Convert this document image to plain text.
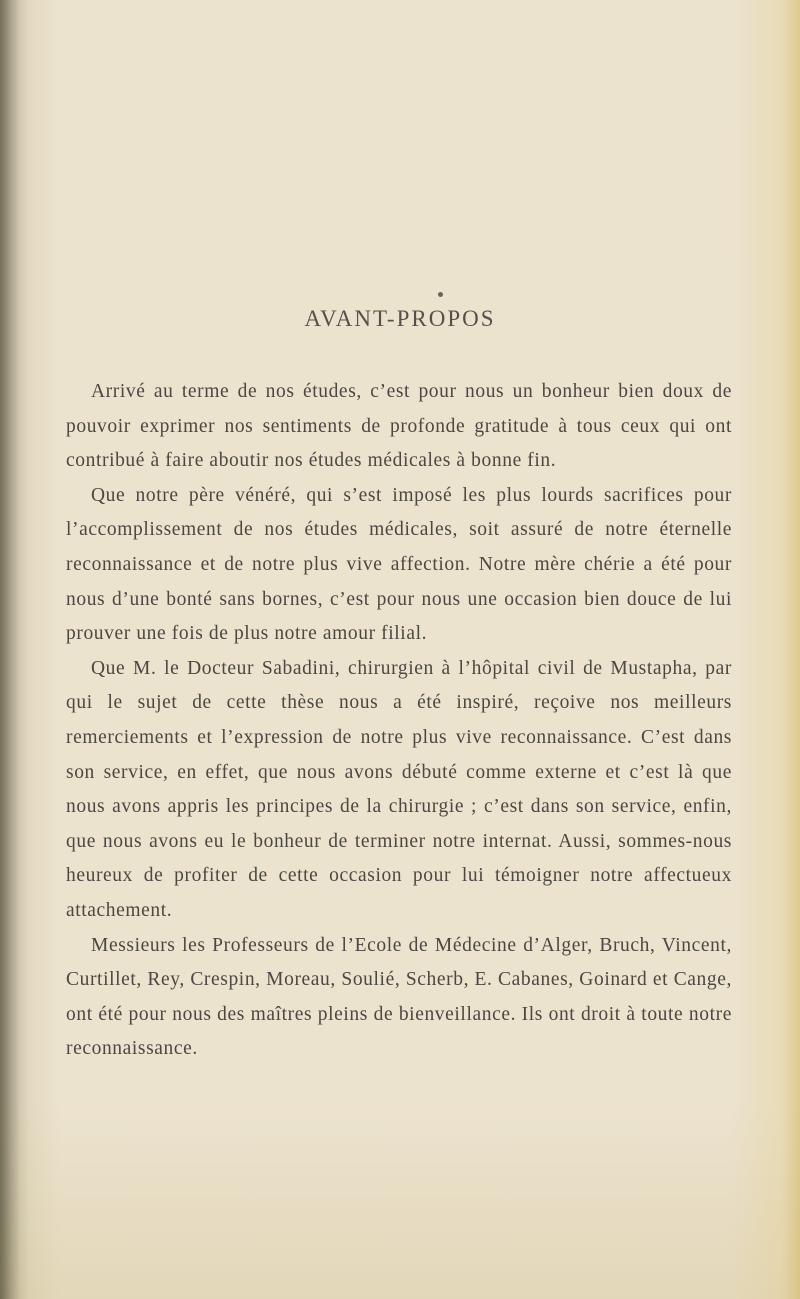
AVANT-PROPOS

Arrivé au terme de nos études, c’est pour nous un bonheur bien doux de pouvoir exprimer nos sentiments de profonde gratitude à tous ceux qui ont contribué à faire aboutir nos études médicales à bonne fin.

Que notre père vénéré, qui s’est imposé les plus lourds sacrifices pour l’accomplissement de nos études médicales, soit assuré de notre éternelle reconnaissance et de notre plus vive affection. Notre mère chérie a été pour nous d’une bonté sans bornes, c’est pour nous une occasion bien douce de lui prouver une fois de plus notre amour filial.

Que M. le Docteur Sabadini, chirurgien à l’hôpital civil de Mustapha, par qui le sujet de cette thèse nous a été inspiré, reçoive nos meilleurs remerciements et l’expression de notre plus vive reconnaissance. C’est dans son service, en effet, que nous avons débuté comme externe et c’est là que nous avons appris les principes de la chirurgie ; c’est dans son service, enfin, que nous avons eu le bonheur de terminer notre internat. Aussi, sommes-nous heureux de profiter de cette occasion pour lui témoigner notre affectueux attachement.

Messieurs les Professeurs de l’Ecole de Médecine d’Alger, Bruch, Vincent, Curtillet, Rey, Crespin, Moreau, Soulié, Scherb, E. Cabanes, Goinard et Cange, ont été pour nous des maîtres pleins de bienveillance. Ils ont droit à toute notre reconnaissance.
